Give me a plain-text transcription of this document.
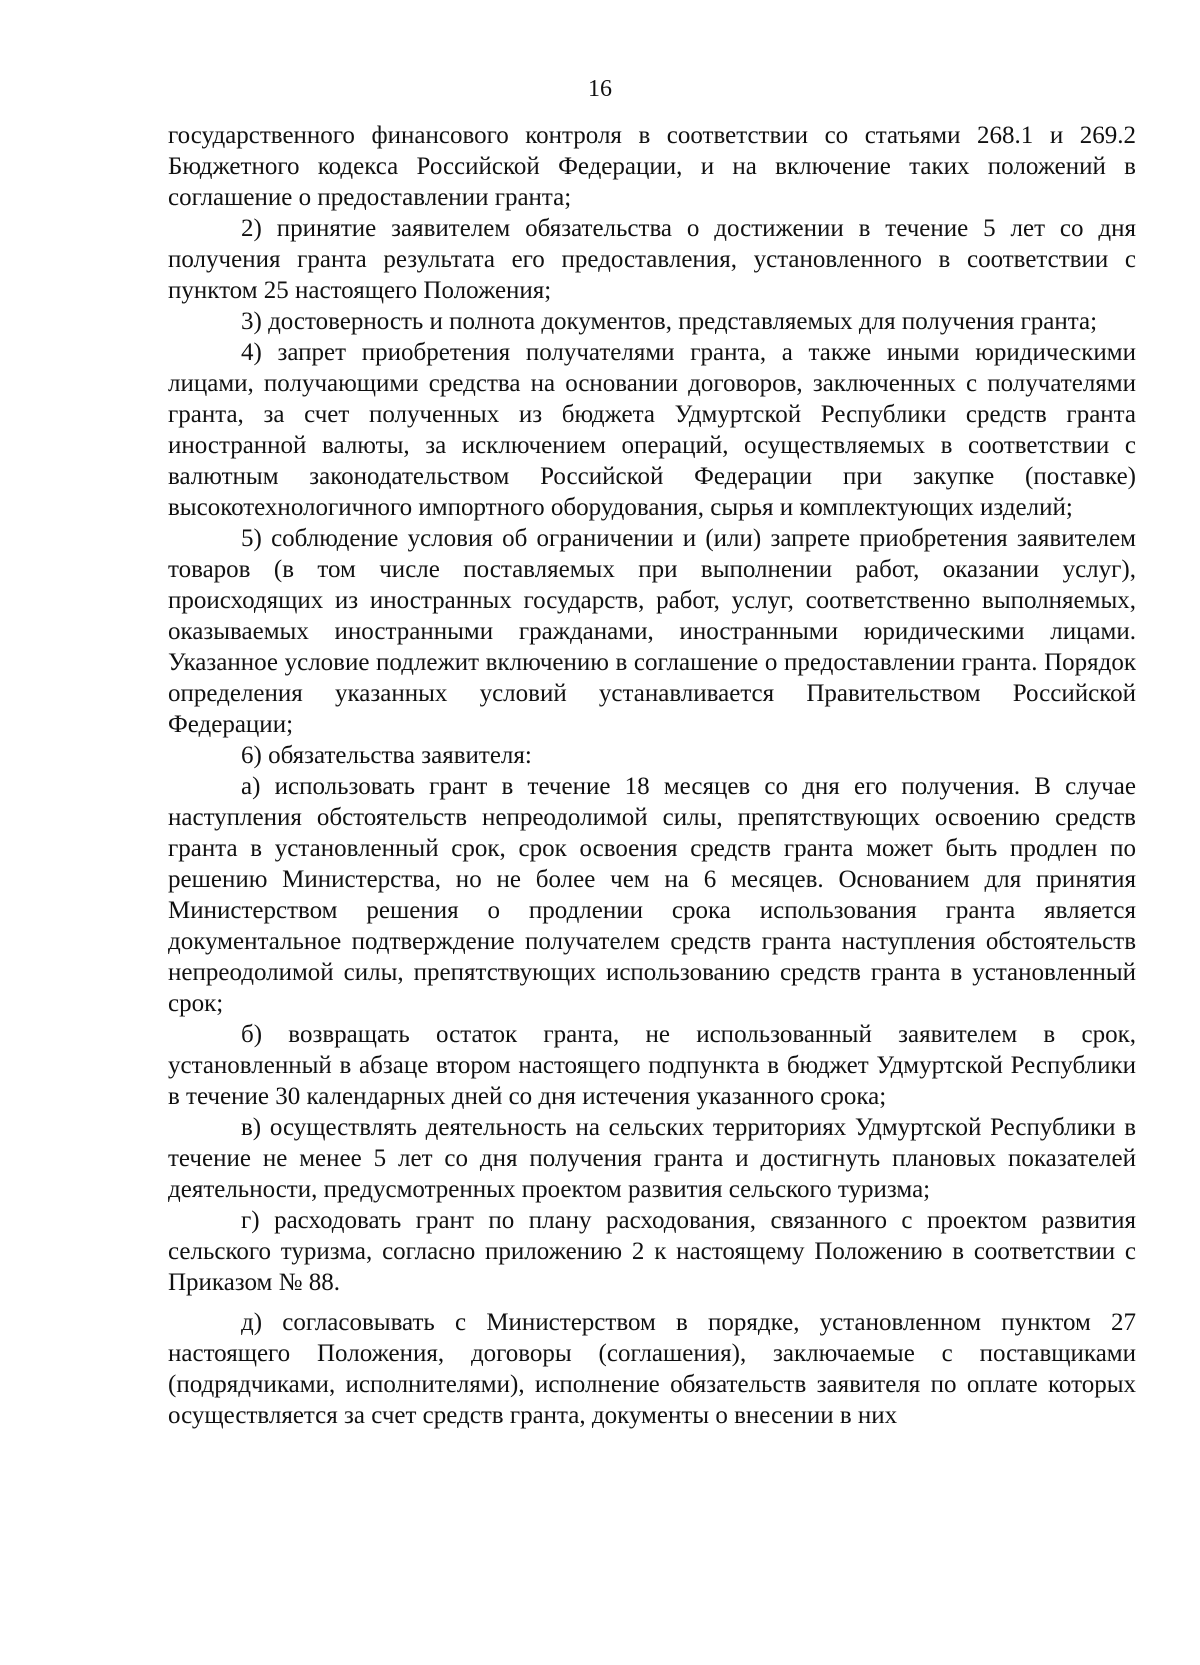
16

государственного финансового контроля в соответствии со статьями 268.1 и 269.2 Бюджетного кодекса Российской Федерации, и на включение таких положений в соглашение о предоставлении гранта;

2) принятие заявителем обязательства о достижении в течение 5 лет со дня получения гранта результата его предоставления, установленного в соответствии с пунктом 25 настоящего Положения;

3) достоверность и полнота документов, представляемых для получения гранта;

4) запрет приобретения получателями гранта, а также иными юридическими лицами, получающими средства на основании договоров, заключенных с получателями гранта, за счет полученных из бюджета Удмуртской Республики средств гранта иностранной валюты, за исключением операций, осуществляемых в соответствии с валютным законодательством Российской Федерации при закупке (поставке) высокотехнологичного импортного оборудования, сырья и комплектующих изделий;

5) соблюдение условия об ограничении и (или) запрете приобретения заявителем товаров (в том числе поставляемых при выполнении работ, оказании услуг), происходящих из иностранных государств, работ, услуг, соответственно выполняемых, оказываемых иностранными гражданами, иностранными юридическими лицами. Указанное условие подлежит включению в соглашение о предоставлении гранта. Порядок определения указанных условий устанавливается Правительством Российской Федерации;

6) обязательства заявителя:

а) использовать грант в течение 18 месяцев со дня его получения. В случае наступления обстоятельств непреодолимой силы, препятствующих освоению средств гранта в установленный срок, срок освоения средств гранта может быть продлен по решению Министерства, но не более чем на 6 месяцев. Основанием для принятия Министерством решения о продлении срока использования гранта является документальное подтверждение получателем средств гранта наступления обстоятельств непреодолимой силы, препятствующих использованию средств гранта в установленный срок;

б) возвращать остаток гранта, не использованный заявителем в срок, установленный в абзаце втором настоящего подпункта в бюджет Удмуртской Республики в течение 30 календарных дней со дня истечения указанного срока;

в) осуществлять деятельность на сельских территориях Удмуртской Республики в течение не менее 5 лет со дня получения гранта и достигнуть плановых показателей деятельности, предусмотренных проектом развития сельского туризма;

г) расходовать грант по плану расходования, связанного с проектом развития сельского туризма, согласно приложению 2 к настоящему Положению в соответствии с Приказом № 88.

д) согласовывать с Министерством в порядке, установленном пунктом 27 настоящего Положения, договоры (соглашения), заключаемые с поставщиками (подрядчиками, исполнителями), исполнение обязательств заявителя по оплате которых осуществляется за счет средств гранта, документы о внесении в них
